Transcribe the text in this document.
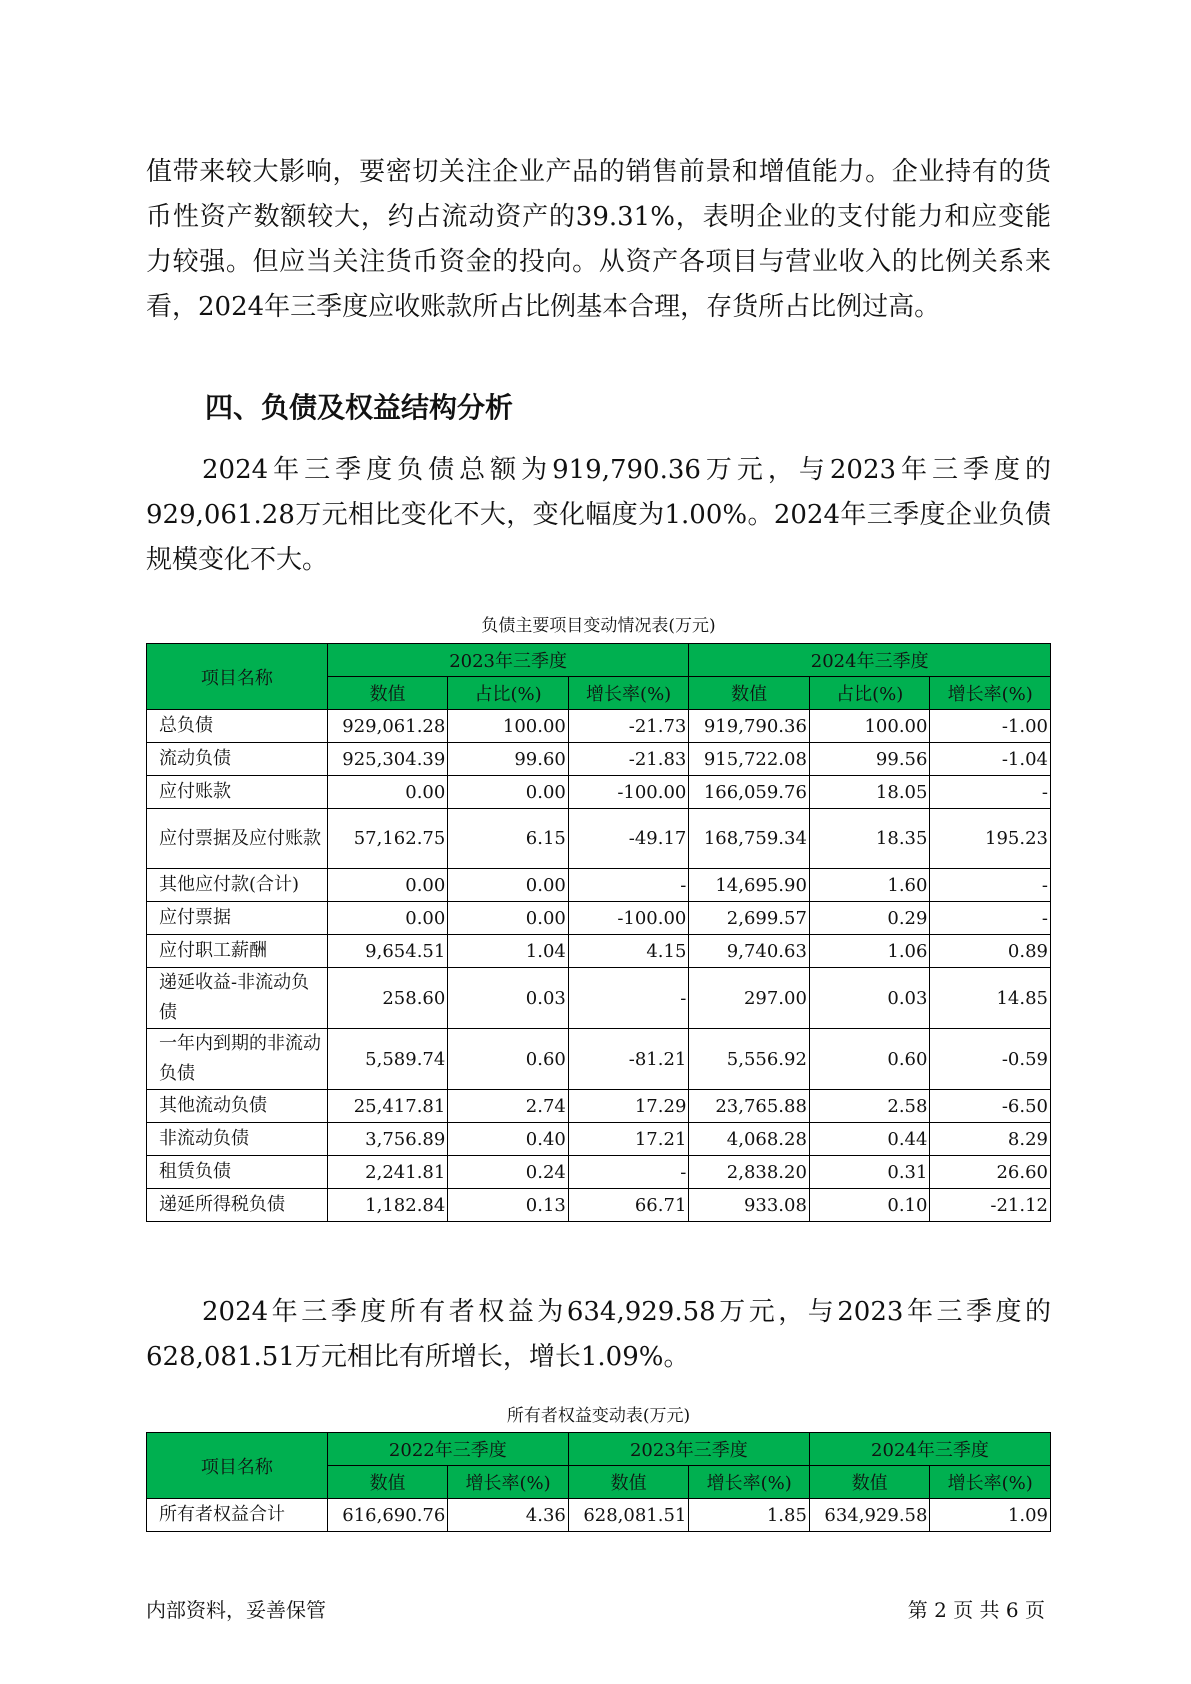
值带来较大影响，要密切关注企业产品的销售前景和增值能力。企业持有的货币性资产数额较大，约占流动资产的39.31%，表明企业的支付能力和应变能力较强。但应当关注货币资金的投向。从资产各项目与营业收入的比例关系来看，2024年三季度应收账款所占比例基本合理，存货所占比例过高。

四、负债及权益结构分析

2024年三季度负债总额为919,790.36万元，与2023年三季度的929,061.28万元相比变化不大，变化幅度为1.00%。2024年三季度企业负债规模变化不大。

负债主要项目变动情况表(万元)
项目名称	2023年三季度			2024年三季度		
	数值	占比(%)	增长率(%)	数值	占比(%)	增长率(%)
总负债	929,061.28	100.00	-21.73	919,790.36	100.00	-1.00
流动负债	925,304.39	99.60	-21.83	915,722.08	99.56	-1.04
应付账款	0.00	0.00	-100.00	166,059.76	18.05	-
应付票据及应付账款	57,162.75	6.15	-49.17	168,759.34	18.35	195.23
其他应付款(合计)	0.00	0.00	-	14,695.90	1.60	-
应付票据	0.00	0.00	-100.00	2,699.57	0.29	-
应付职工薪酬	9,654.51	1.04	4.15	9,740.63	1.06	0.89
递延收益-非流动负债	258.60	0.03	-	297.00	0.03	14.85
一年内到期的非流动负债	5,589.74	0.60	-81.21	5,556.92	0.60	-0.59
其他流动负债	25,417.81	2.74	17.29	23,765.88	2.58	-6.50
非流动负债	3,756.89	0.40	17.21	4,068.28	0.44	8.29
租赁负债	2,241.81	0.24	-	2,838.20	0.31	26.60
递延所得税负债	1,182.84	0.13	66.71	933.08	0.10	-21.12

2024年三季度所有者权益为634,929.58万元，与2023年三季度的628,081.51万元相比有所增长，增长1.09%。

所有者权益变动表(万元)
项目名称	2022年三季度		2023年三季度		2024年三季度	
	数值	增长率(%)	数值	增长率(%)	数值	增长率(%)
所有者权益合计	616,690.76	4.36	628,081.51	1.85	634,929.58	1.09
内部资料，妥善保管	第 2 页 共 6 页
